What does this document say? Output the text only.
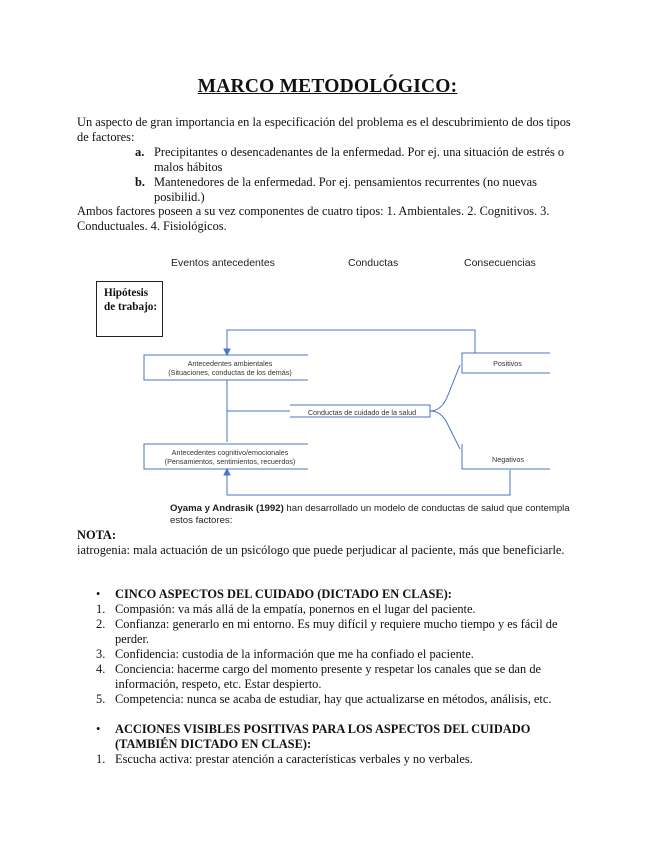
MARCO METODOLÓGICO:
Un aspecto de gran importancia en la especificación del problema es el descubrimiento de dos tipos de factores:
a. Precipitantes o desencadenantes de la enfermedad. Por ej. una situación de estrés o malos hábitos
b. Mantenedores de la enfermedad. Por ej. pensamientos recurrentes (no nuevas posibilid.)
Ambos factores poseen a su vez componentes de cuatro tipos: 1. Ambientales. 2. Cognitivos. 3. Conductuales. 4. Fisiológicos.
Eventos antecedentes	Conductas	Consecuencias
Hipótesis de trabajo:
Antecedentes ambientales
(Situaciones, conductas de los demás)
Conductas de cuidado de la salud
Positivos
Antecedentes cognitivo/emocionales
(Pensamientos, sentimientos, recuerdos)	Negativos
Oyama y Andrasik (1992) han desarrollado un modelo de conductas de salud que contempla estos factores:
NOTA:
iatrogenia: mala actuación de un psicólogo que puede perjudicar al paciente, más que beneficiarle.
• CINCO ASPECTOS DEL CUIDADO (DICTADO EN CLASE):
1. Compasión: va más allá de la empatía, ponernos en el lugar del paciente.
2. Confianza: generarlo en mi entorno. Es muy difícil y requiere mucho tiempo y es fácil de perder.
3. Confidencia: custodia de la información que me ha confiado el paciente.
4. Conciencia: hacerme cargo del momento presente y respetar los canales que se dan de información, respeto, etc. Estar despierto.
5. Competencia: nunca se acaba de estudiar, hay que actualizarse en métodos, análisis, etc.
• ACCIONES VISIBLES POSITIVAS PARA LOS ASPECTOS DEL CUIDADO (TAMBIÉN DICTADO EN CLASE):
1. Escucha activa: prestar atención a características verbales y no verbales.
